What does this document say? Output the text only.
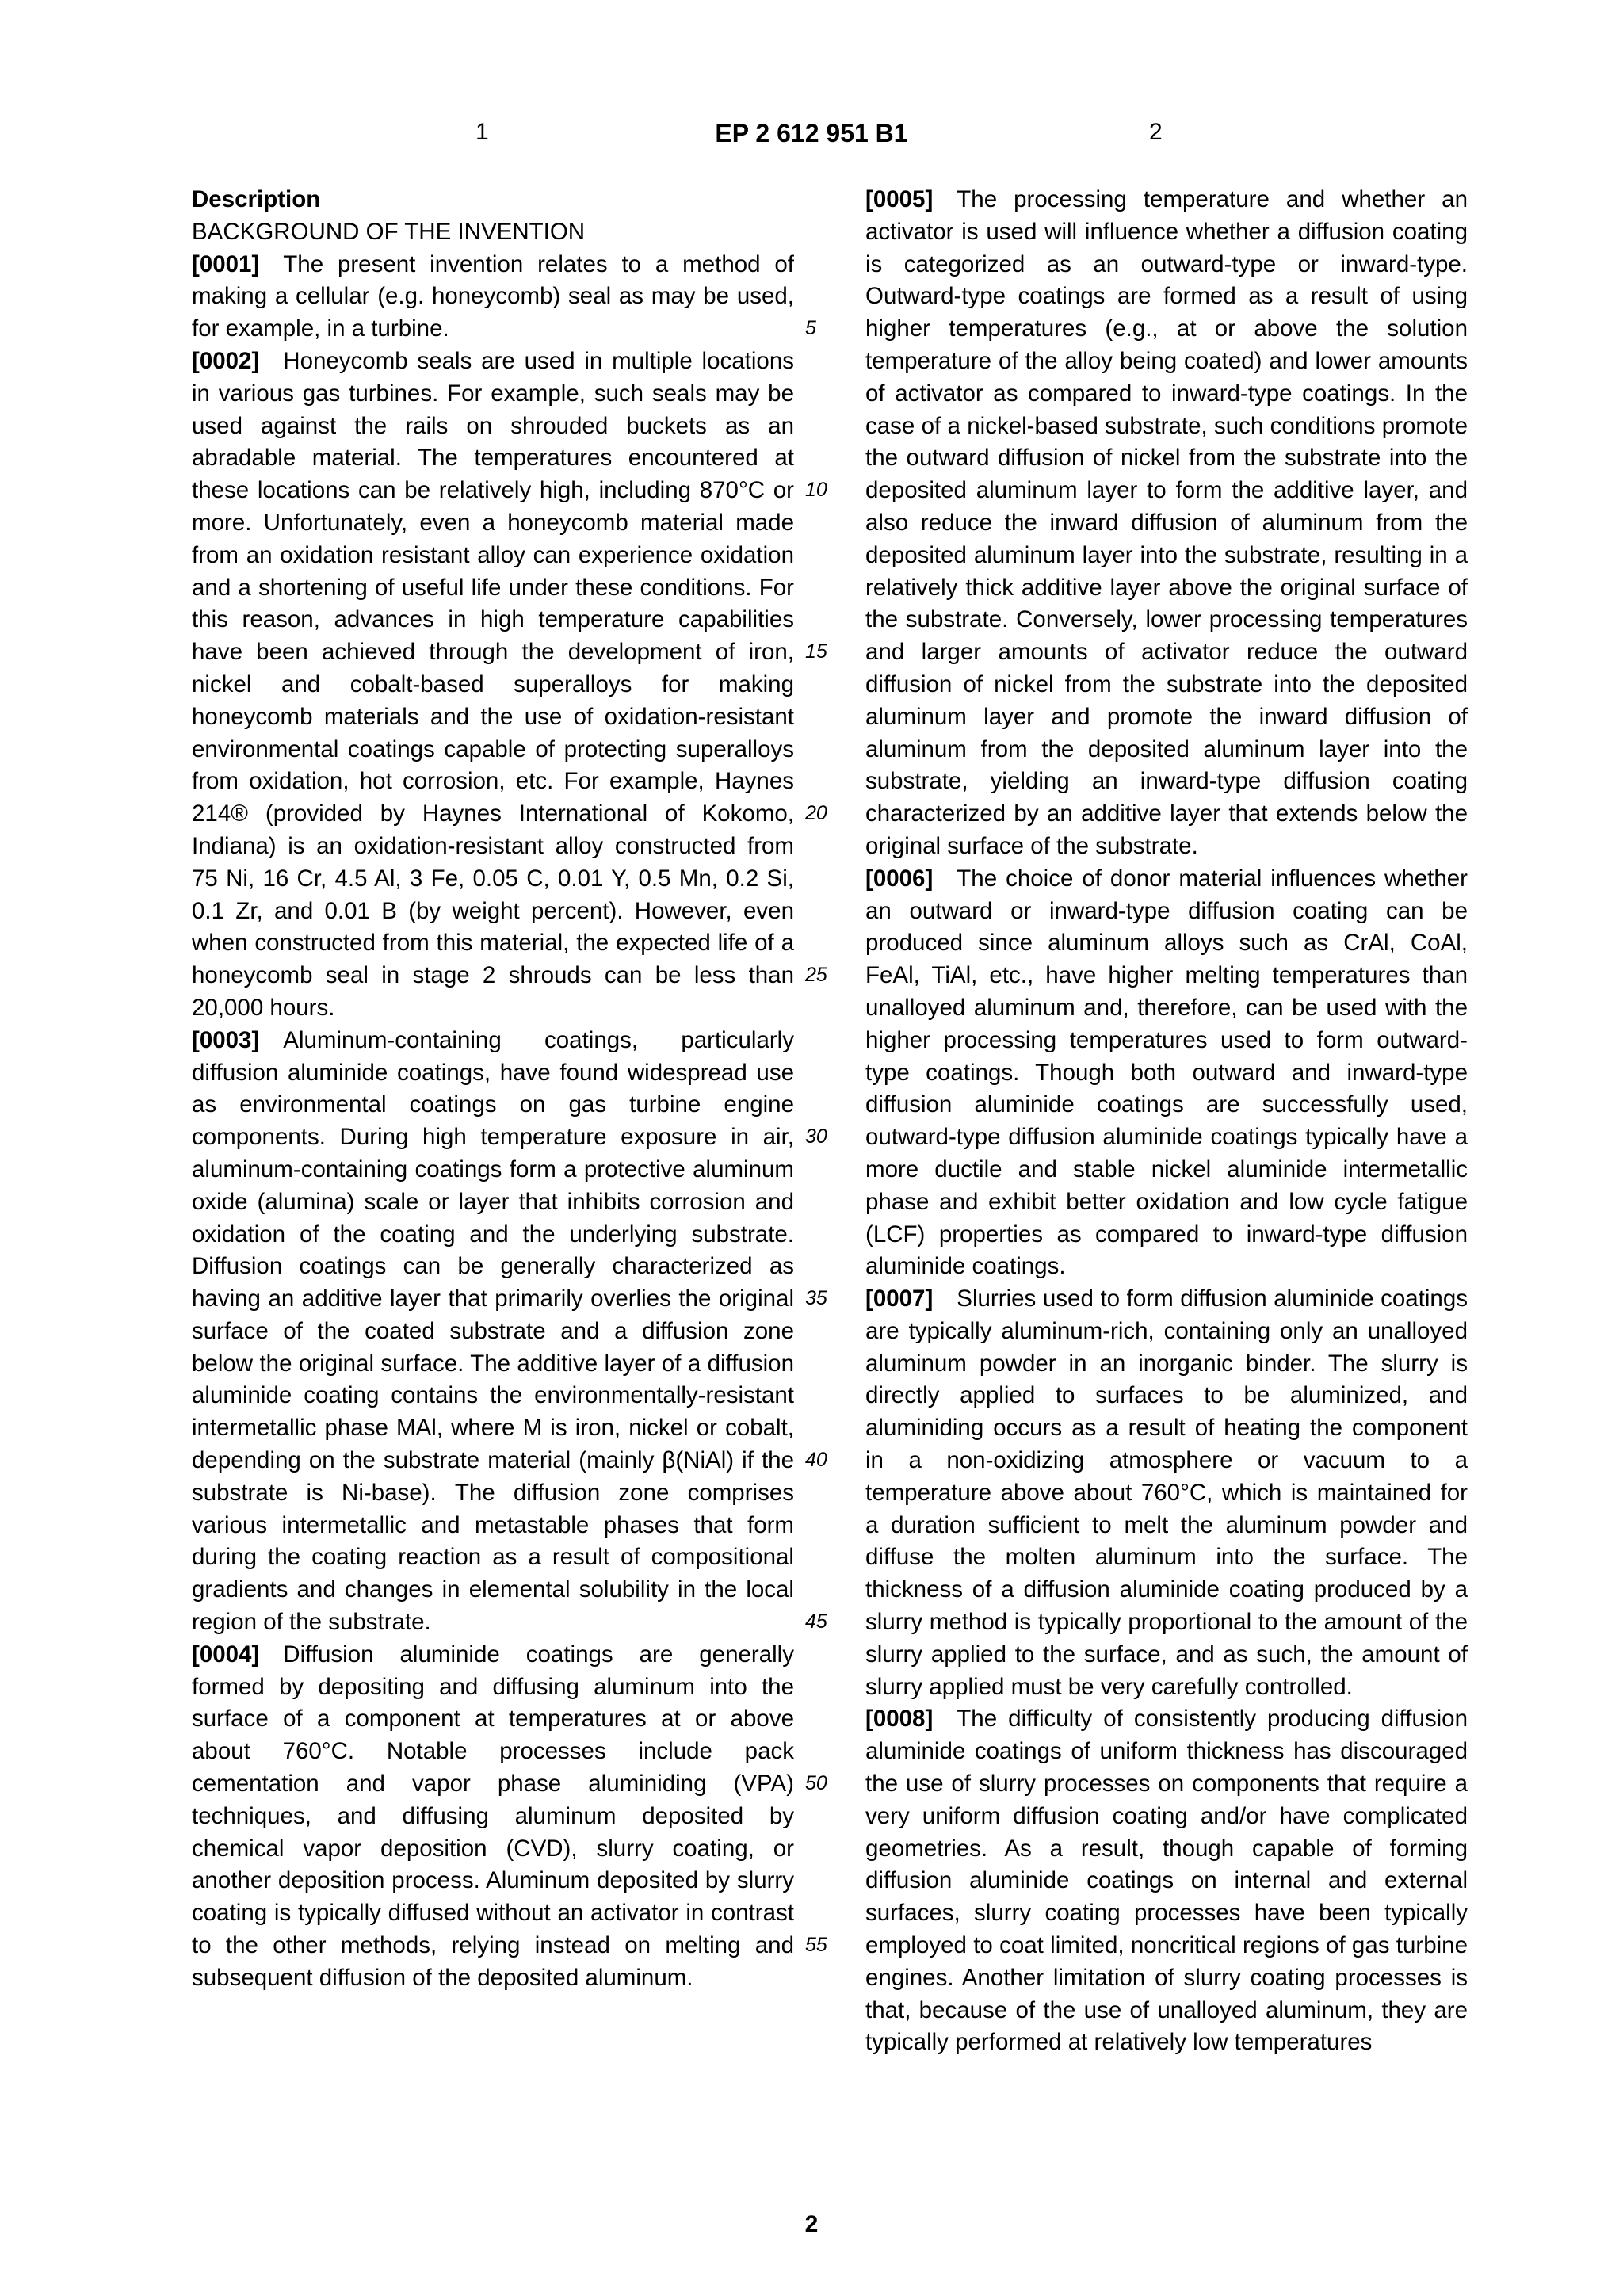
1	EP 2 612 951 B1	2

Description

BACKGROUND OF THE INVENTION

[0001] The present invention relates to a method of making a cellular (e.g. honeycomb) seal as may be used, for example, in a turbine.

[0002] Honeycomb seals are used in multiple locations in various gas turbines. For example, such seals may be used against the rails on shrouded buckets as an abradable material. The temperatures encountered at these locations can be relatively high, including 870°C or more. Unfortunately, even a honeycomb material made from an oxidation resistant alloy can experience oxidation and a shortening of useful life under these conditions. For this reason, advances in high temperature capabilities have been achieved through the development of iron, nickel and cobalt-based superalloys for making honeycomb materials and the use of oxidation-resistant environmental coatings capable of protecting superalloys from oxidation, hot corrosion, etc. For example, Haynes 214® (provided by Haynes International of Kokomo, Indiana) is an oxidation-resistant alloy constructed from 75 Ni, 16 Cr, 4.5 Al, 3 Fe, 0.05 C, 0.01 Y, 0.5 Mn, 0.2 Si, 0.1 Zr, and 0.01 B (by weight percent). However, even when constructed from this material, the expected life of a honeycomb seal in stage 2 shrouds can be less than 20,000 hours.

[0003] Aluminum-containing coatings, particularly diffusion aluminide coatings, have found widespread use as environmental coatings on gas turbine engine components. During high temperature exposure in air, aluminum-containing coatings form a protective aluminum oxide (alumina) scale or layer that inhibits corrosion and oxidation of the coating and the underlying substrate. Diffusion coatings can be generally characterized as having an additive layer that primarily overlies the original surface of the coated substrate and a diffusion zone below the original surface. The additive layer of a diffusion aluminide coating contains the environmentally-resistant intermetallic phase MAl, where M is iron, nickel or cobalt, depending on the substrate material (mainly β(NiAl) if the substrate is Ni-base). The diffusion zone comprises various intermetallic and metastable phases that form during the coating reaction as a result of compositional gradients and changes in elemental solubility in the local region of the substrate.

[0004] Diffusion aluminide coatings are generally formed by depositing and diffusing aluminum into the surface of a component at temperatures at or above about 760°C. Notable processes include pack cementation and vapor phase aluminiding (VPA) techniques, and diffusing aluminum deposited by chemical vapor deposition (CVD), slurry coating, or another deposition process. Aluminum deposited by slurry coating is typically diffused without an activator in contrast to the other methods, relying instead on melting and subsequent diffusion of the deposited aluminum.

5
10
15
20
25
30
35
40
45
50
55

[0005] The processing temperature and whether an activator is used will influence whether a diffusion coating is categorized as an outward-type or inward-type. Outward-type coatings are formed as a result of using higher temperatures (e.g., at or above the solution temperature of the alloy being coated) and lower amounts of activator as compared to inward-type coatings. In the case of a nickel-based substrate, such conditions promote the outward diffusion of nickel from the substrate into the deposited aluminum layer to form the additive layer, and also reduce the inward diffusion of aluminum from the deposited aluminum layer into the substrate, resulting in a relatively thick additive layer above the original surface of the substrate. Conversely, lower processing temperatures and larger amounts of activator reduce the outward diffusion of nickel from the substrate into the deposited aluminum layer and promote the inward diffusion of aluminum from the deposited aluminum layer into the substrate, yielding an inward-type diffusion coating characterized by an additive layer that extends below the original surface of the substrate.

[0006] The choice of donor material influences whether an outward or inward-type diffusion coating can be produced since aluminum alloys such as CrAl, CoAl, FeAl, TiAl, etc., have higher melting temperatures than unalloyed aluminum and, therefore, can be used with the higher processing temperatures used to form outward-type coatings. Though both outward and inward-type diffusion aluminide coatings are successfully used, outward-type diffusion aluminide coatings typically have a more ductile and stable nickel aluminide intermetallic phase and exhibit better oxidation and low cycle fatigue (LCF) properties as compared to inward-type diffusion aluminide coatings.

[0007] Slurries used to form diffusion aluminide coatings are typically aluminum-rich, containing only an unalloyed aluminum powder in an inorganic binder. The slurry is directly applied to surfaces to be aluminized, and aluminiding occurs as a result of heating the component in a non-oxidizing atmosphere or vacuum to a temperature above about 760°C, which is maintained for a duration sufficient to melt the aluminum powder and diffuse the molten aluminum into the surface. The thickness of a diffusion aluminide coating produced by a slurry method is typically proportional to the amount of the slurry applied to the surface, and as such, the amount of slurry applied must be very carefully controlled.

[0008] The difficulty of consistently producing diffusion aluminide coatings of uniform thickness has discouraged the use of slurry processes on components that require a very uniform diffusion coating and/or have complicated geometries. As a result, though capable of forming diffusion aluminide coatings on internal and external surfaces, slurry coating processes have been typically employed to coat limited, noncritical regions of gas turbine engines. Another limitation of slurry coating processes is that, because of the use of unalloyed aluminum, they are typically performed at relatively low temperatures

2
